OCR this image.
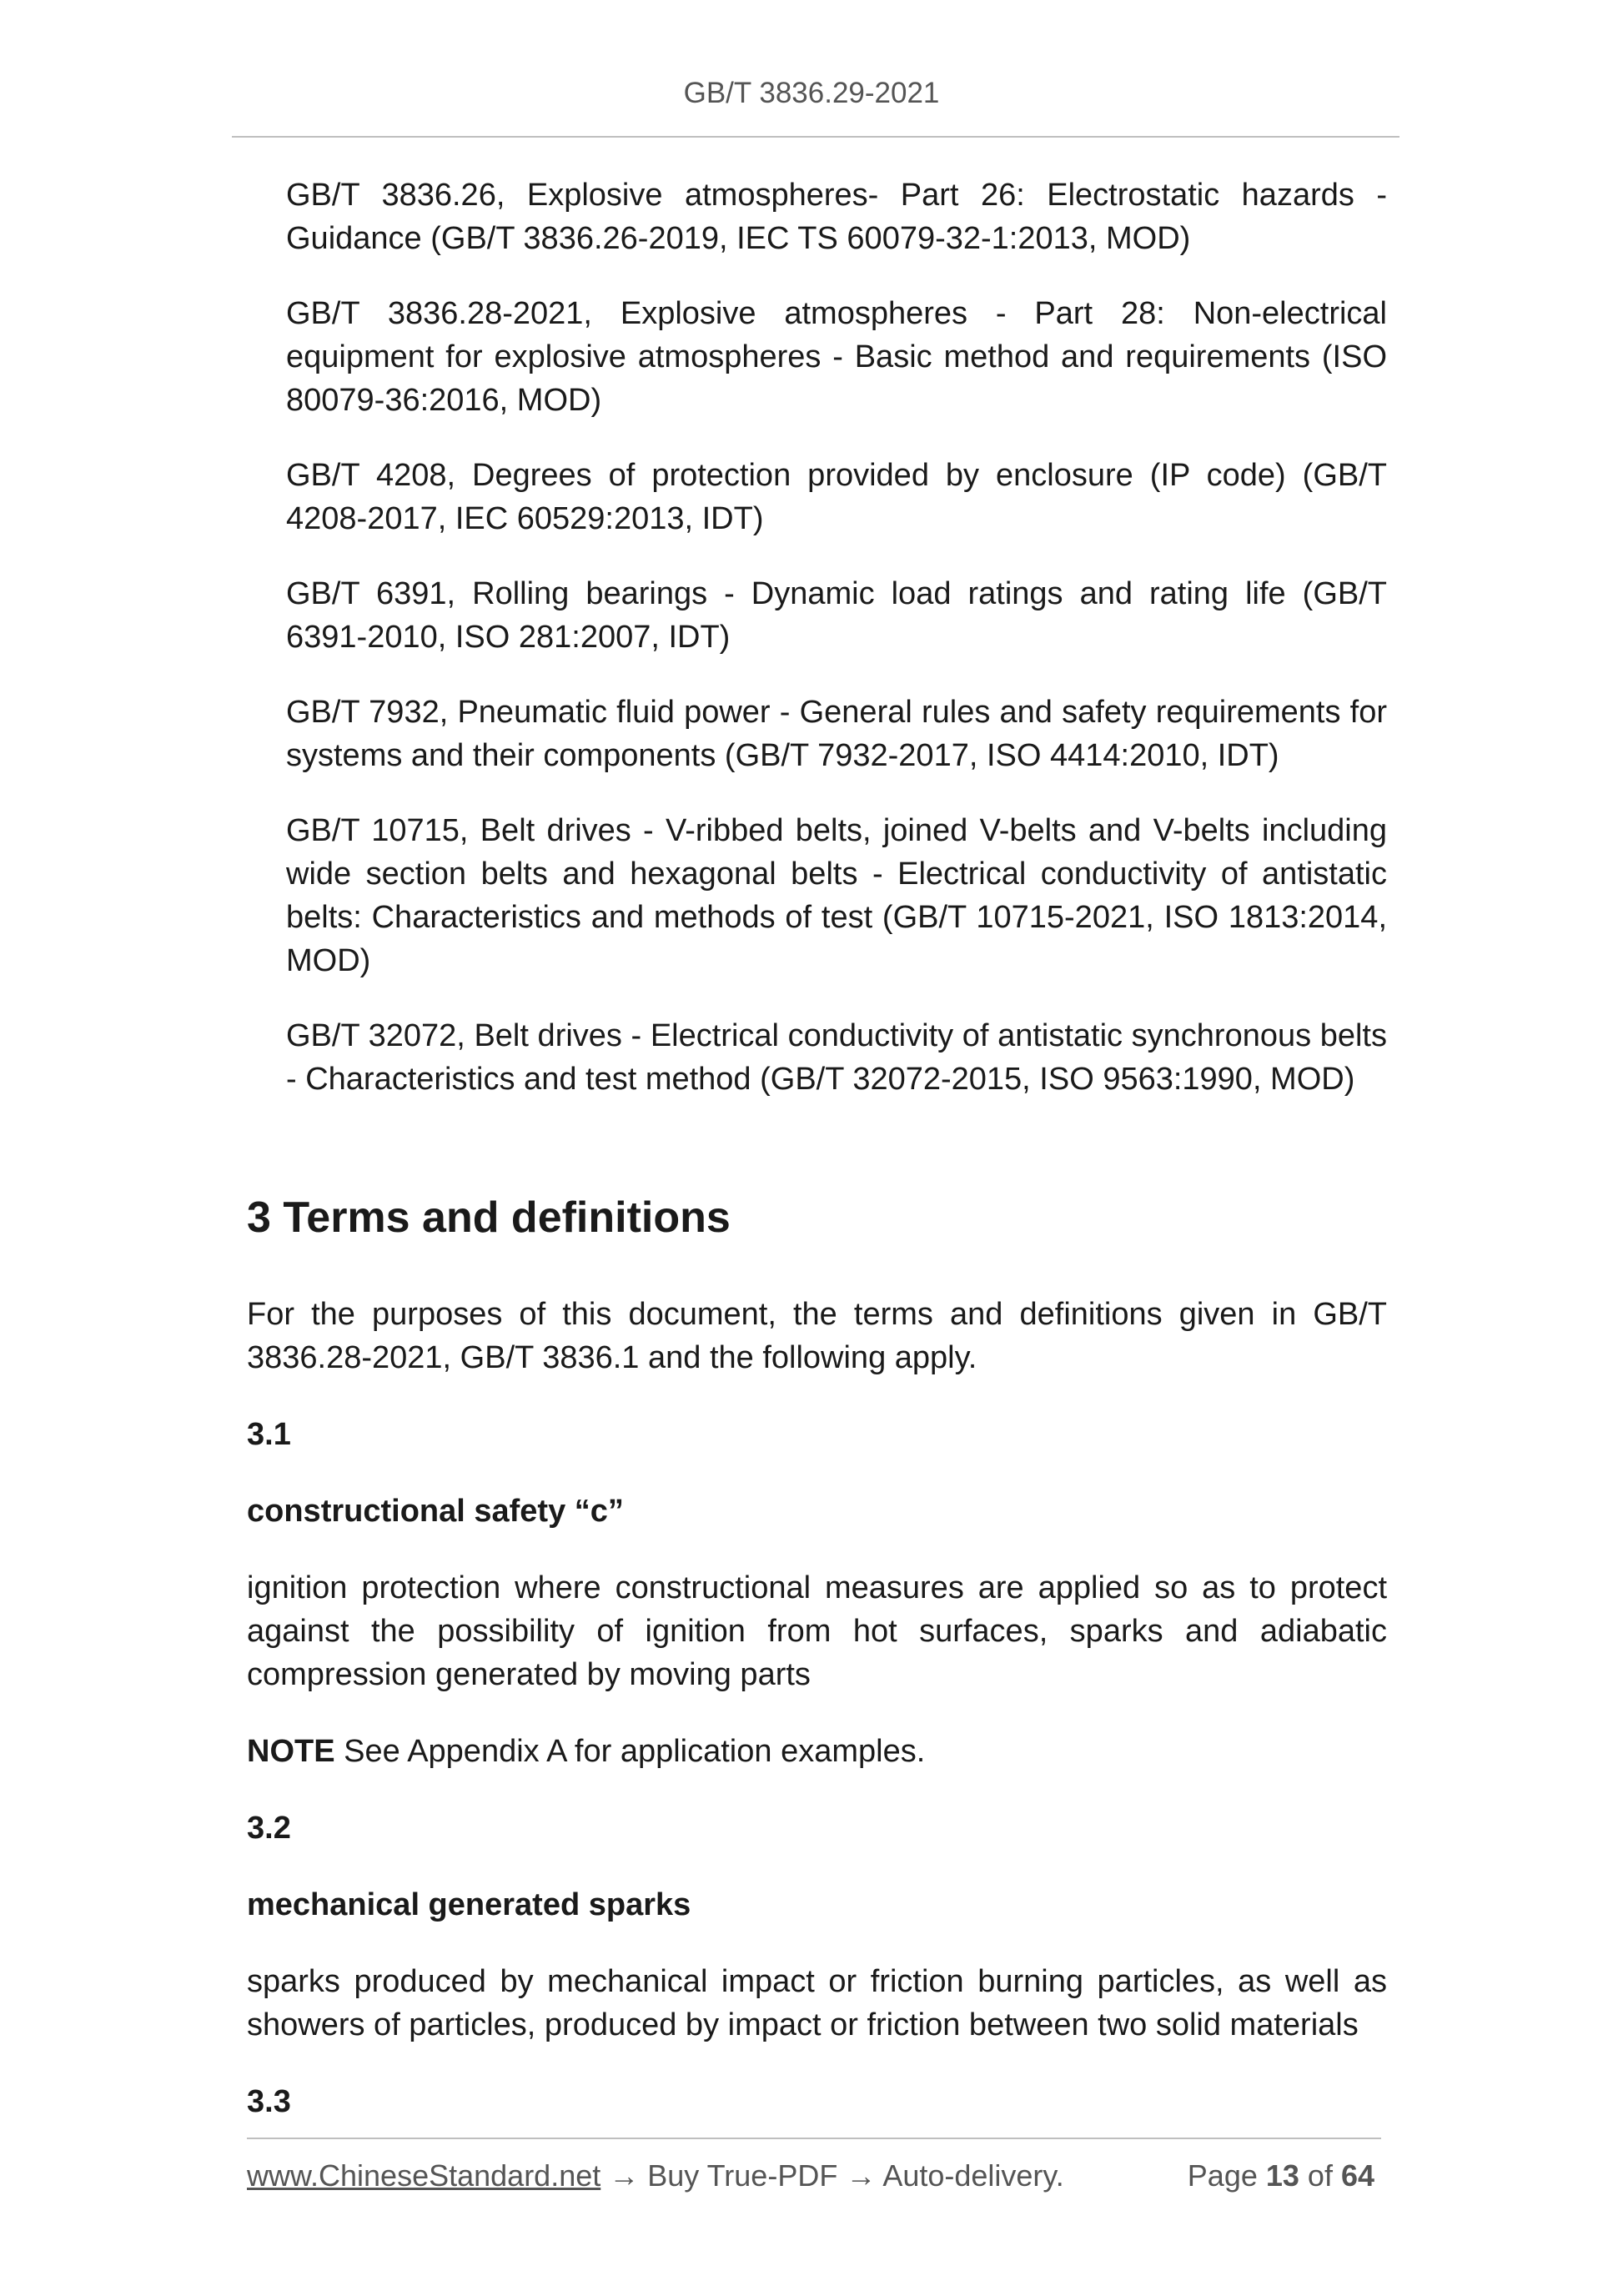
GB/T 3836.29-2021

GB/T 3836.26, Explosive atmospheres- Part 26: Electrostatic hazards - Guidance (GB/T 3836.26-2019, IEC TS 60079-32-1:2013, MOD)

GB/T 3836.28-2021, Explosive atmospheres - Part 28: Non-electrical equipment for explosive atmospheres - Basic method and requirements (ISO 80079-36:2016, MOD)

GB/T 4208, Degrees of protection provided by enclosure (IP code) (GB/T 4208-2017, IEC 60529:2013, IDT)

GB/T 6391, Rolling bearings - Dynamic load ratings and rating life (GB/T 6391-2010, ISO 281:2007, IDT)

GB/T 7932, Pneumatic fluid power - General rules and safety requirements for systems and their components (GB/T 7932-2017, ISO 4414:2010, IDT)

GB/T 10715, Belt drives - V-ribbed belts, joined V-belts and V-belts including wide section belts and hexagonal belts - Electrical conductivity of antistatic belts: Characteristics and methods of test (GB/T 10715-2021, ISO 1813:2014, MOD)

GB/T 32072, Belt drives - Electrical conductivity of antistatic synchronous belts - Characteristics and test method (GB/T 32072-2015, ISO 9563:1990, MOD)

3 Terms and definitions

For the purposes of this document, the terms and definitions given in GB/T 3836.28-2021, GB/T 3836.1 and the following apply.

3.1
constructional safety “c”

ignition protection where constructional measures are applied so as to protect against the possibility of ignition from hot surfaces, sparks and adiabatic compression generated by moving parts

NOTE See Appendix A for application examples.

3.2
mechanical generated sparks

sparks produced by mechanical impact or friction burning particles, as well as showers of particles, produced by impact or friction between two solid materials

3.3
www.ChineseStandard.net → Buy True-PDF → Auto-delivery.	Page 13 of 64
